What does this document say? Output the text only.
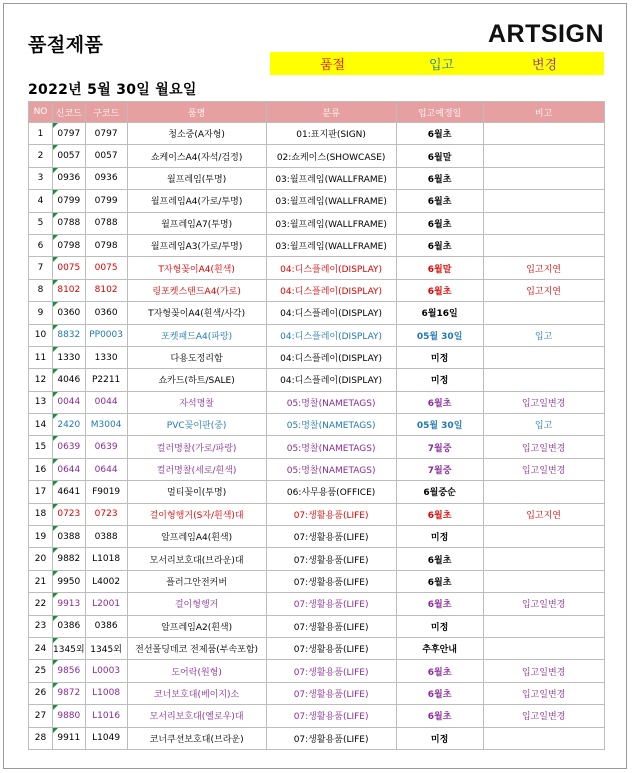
품절제품	ARTSIGN
품절	입고	변경
2022년 5월 30일 월요일
NO	신코드	구코드	품명	분류	입고예정일	비고
1	0797	0797	청소중(A자형)	01:표지판(SIGN)	6월초	
2	0057	0057	쇼케이스A4(자석/검정)	02:쇼케이스(SHOWCASE)	6월말	
3	0936	0936	월프레임(투명)	03:월프레임(WALLFRAME)	6월초	
4	0799	0799	월프레임A4(가로/투명)	03:월프레임(WALLFRAME)	6월초	
5	0788	0788	월프레임A7(투명)	03:월프레임(WALLFRAME)	6월초	
6	0798	0798	월프레임A3(가로/투명)	03:월프레임(WALLFRAME)	6월초	
7	0075	0075	T자형꽂이A4(흰색)	04:디스플레이(DISPLAY)	6월말	입고지연
8	8102	8102	링포켓스탠드A4(가로)	04:디스플레이(DISPLAY)	6월초	입고지연
9	0360	0360	T자형꽂이A4(흰색/사각)	04:디스플레이(DISPLAY)	6월16일	
10	8832	PP0003	포켓패드A4(파랑)	04:디스플레이(DISPLAY)	05월 30일	입고
11	1330	1330	다용도정리함	04:디스플레이(DISPLAY)	미정	
12	4046	P2211	쇼카드(하트/SALE)	04:디스플레이(DISPLAY)	미정	
13	0044	0044	자석명찰	05:명찰(NAMETAGS)	6월초	입고일변경
14	2420	M3004	PVC꽂이판(중)	05:명찰(NAMETAGS)	05월 30일	입고
15	0639	0639	컬러명찰(가로/파랑)	05:명찰(NAMETAGS)	7월중	입고일변경
16	0644	0644	컬러명찰(세로/흰색)	05:명찰(NAMETAGS)	7월중	입고일변경
17	4641	F9019	멀티꽂이(투명)	06:사무용품(OFFICE)	6월중순	
18	0723	0723	걸이형행거(S자/흰색)대	07:생활용품(LIFE)	6월초	입고지연
19	0388	0388	알프레임A4(흰색)	07:생활용품(LIFE)	미정	
20	9882	L1018	모서리보호대(브라운)대	07:생활용품(LIFE)	6월초	
21	9950	L4002	플러그안전커버	07:생활용품(LIFE)	6월초	
22	9913	L2001	걸이형행거	07:생활용품(LIFE)	6월초	입고일변경
23	0386	0386	알프레임A2(흰색)	07:생활용품(LIFE)	미정	
24	1345외	1345외	전선몰딩데코 전제품(부속포함)	07:생활용품(LIFE)	추후안내	
25	9856	L0003	도어락(원형)	07:생활용품(LIFE)	6월초	입고일변경
26	9872	L1008	코너보호대(베이지)소	07:생활용품(LIFE)	6월초	입고일변경
27	9880	L1016	모서리보호대(옐로우)대	07:생활용품(LIFE)	6월초	입고일변경
28	9911	L1049	코너쿠션보호대(브라운)	07:생활용품(LIFE)	미정	
